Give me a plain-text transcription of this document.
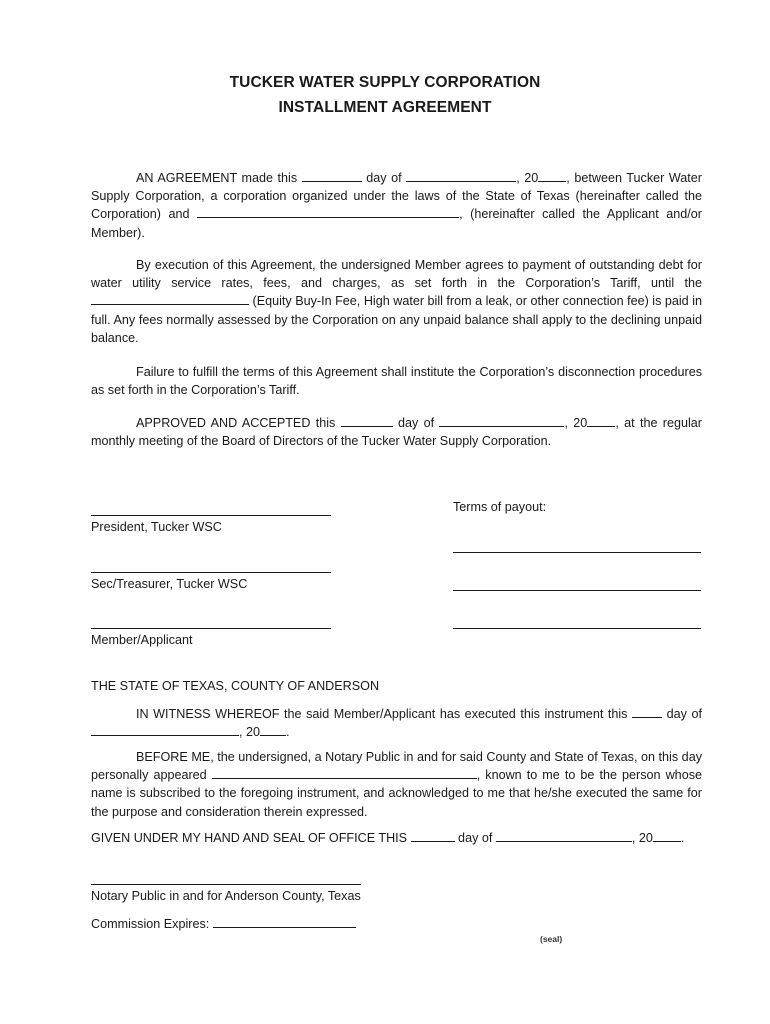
TUCKER WATER SUPPLY CORPORATION
INSTALLMENT AGREEMENT
AN AGREEMENT made this	day of	, 20 , between Tucker Water Supply Corporation, a corporation organized under the laws of the State of Texas (hereinafter called the Corporation) and	, (hereinafter called the Applicant and/or Member).
By execution of this Agreement, the undersigned Member agrees to payment of outstanding debt for water utility service rates, fees, and charges, as set forth in the Corporation’s Tariff, until the  (Equity Buy-In Fee, High water bill from a leak, or other connection fee) is paid in full. Any fees normally assessed by the Corporation on any unpaid balance shall apply to the declining unpaid balance.
Failure to fulfill the terms of this Agreement shall institute the Corporation’s disconnection procedures as set forth in the Corporation’s Tariff.
APPROVED AND ACCEPTED this	day of	, 20 , at the regular monthly meeting of the Board of Directors of the Tucker Water Supply Corporation.
President, Tucker WSC
Sec/Treasurer, Tucker WSC
Member/Applicant
Terms of payout:
THE STATE OF TEXAS, COUNTY OF ANDERSON
IN WITNESS WHEREOF the said Member/Applicant has executed this instrument this  day of , 20 .
BEFORE ME, the undersigned, a Notary Public in and for said County and State of Texas, on this day personally appeared	, known to me to be the person whose name is subscribed to the foregoing instrument, and acknowledged to me that he/she executed the same for the purpose and consideration therein expressed.
GIVEN UNDER MY HAND AND SEAL OF OFFICE THIS	day of	, 20 .
Notary Public in and for Anderson County, Texas
Commission Expires:
(seal)
